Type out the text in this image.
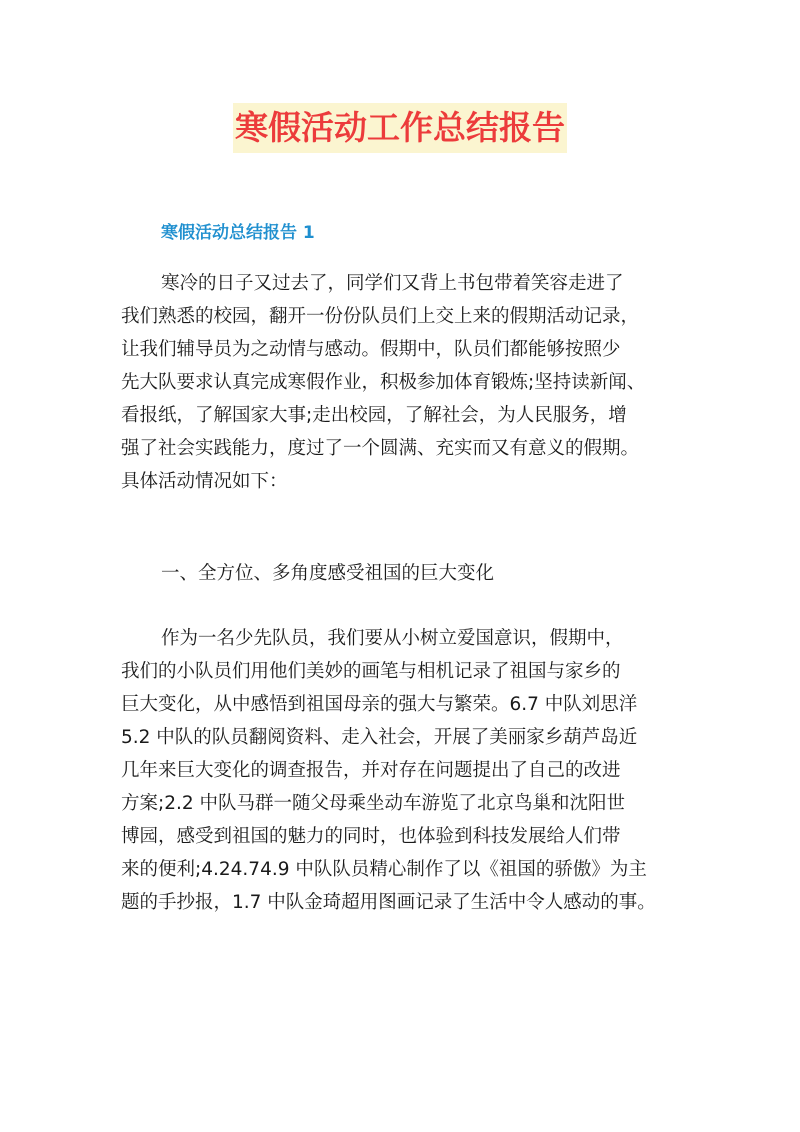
寒假活动工作总结报告
寒假活动总结报告 1
寒冷的日子又过去了，同学们又背上书包带着笑容走进了
我们熟悉的校园，翻开一份份队员们上交上来的假期活动记录，
让我们辅导员为之动情与感动。假期中，队员们都能够按照少
先大队要求认真完成寒假作业，积极参加体育锻炼;坚持读新闻、
看报纸，了解国家大事;走出校园，了解社会，为人民服务，增
强了社会实践能力，度过了一个圆满、充实而又有意义的假期。
具体活动情况如下：
一、全方位、多角度感受祖国的巨大变化
作为一名少先队员，我们要从小树立爱国意识，假期中，
我们的小队员们用他们美妙的画笔与相机记录了祖国与家乡的
巨大变化，从中感悟到祖国母亲的强大与繁荣。6.7 中队刘思洋
5.2 中队的队员翻阅资料、走入社会，开展了美丽家乡葫芦岛近
几年来巨大变化的调查报告，并对存在问题提出了自己的改进
方案;2.2 中队马群一随父母乘坐动车游览了北京鸟巢和沈阳世
博园，感受到祖国的魅力的同时，也体验到科技发展给人们带
来的便利;4.24.74.9 中队队员精心制作了以《祖国的骄傲》为主
题的手抄报，1.7 中队金琦超用图画记录了生活中令人感动的事。
